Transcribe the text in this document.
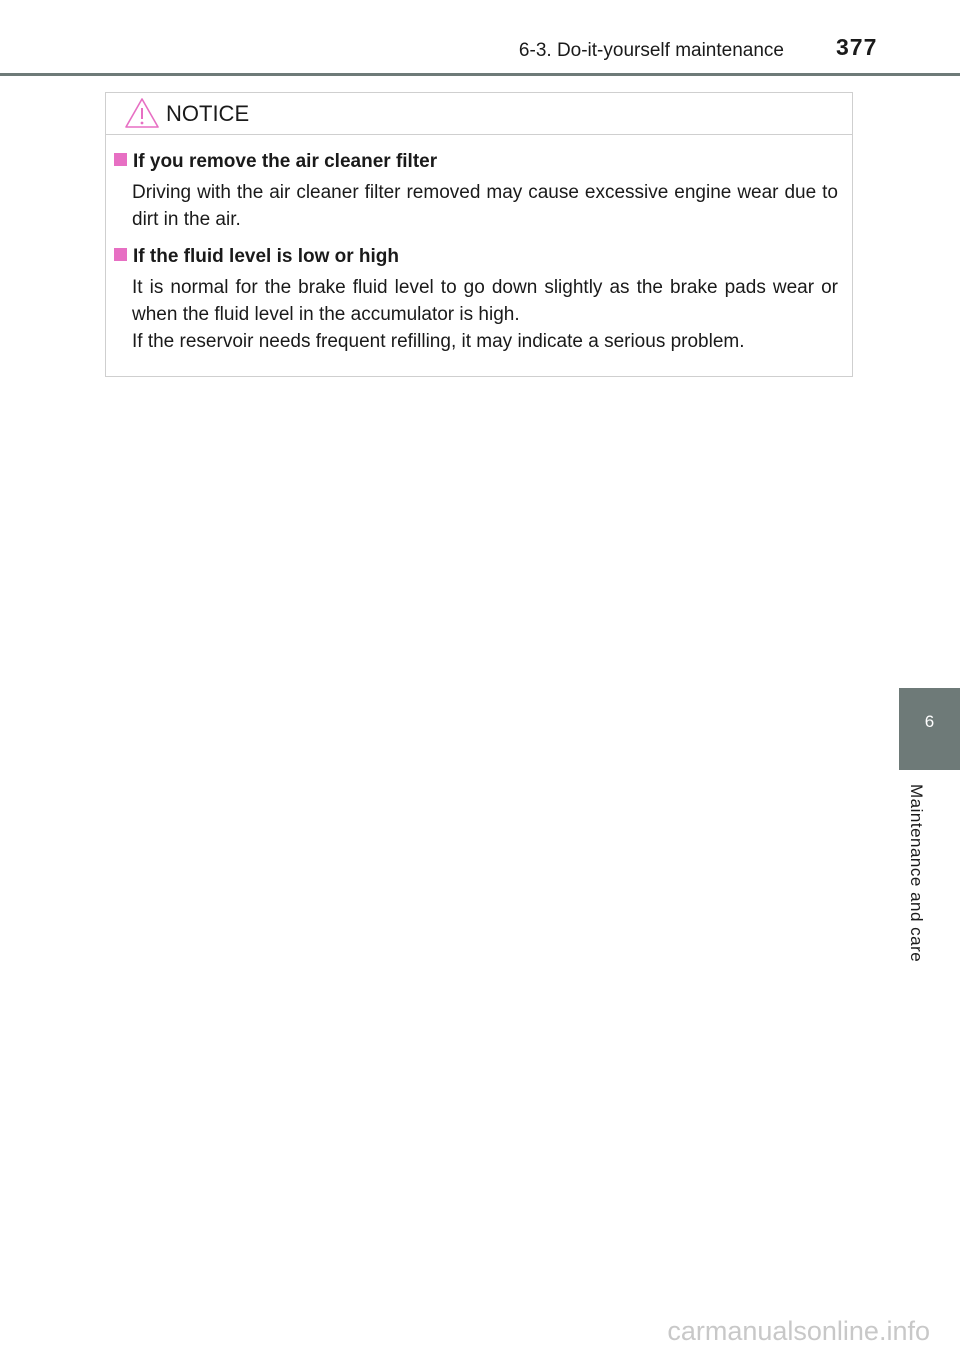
6-3. Do-it-yourself maintenance 377
NOTICE
If you remove the air cleaner filter

Driving with the air cleaner filter removed may cause excessive engine wear due to dirt in the air.

If the fluid level is low or high

It is normal for the brake fluid level to go down slightly as the brake pads wear or when the fluid level in the accumulator is high.

If the reservoir needs frequent refilling, it may indicate a serious problem.

6
Maintenance and care
carmanualsonline.info
